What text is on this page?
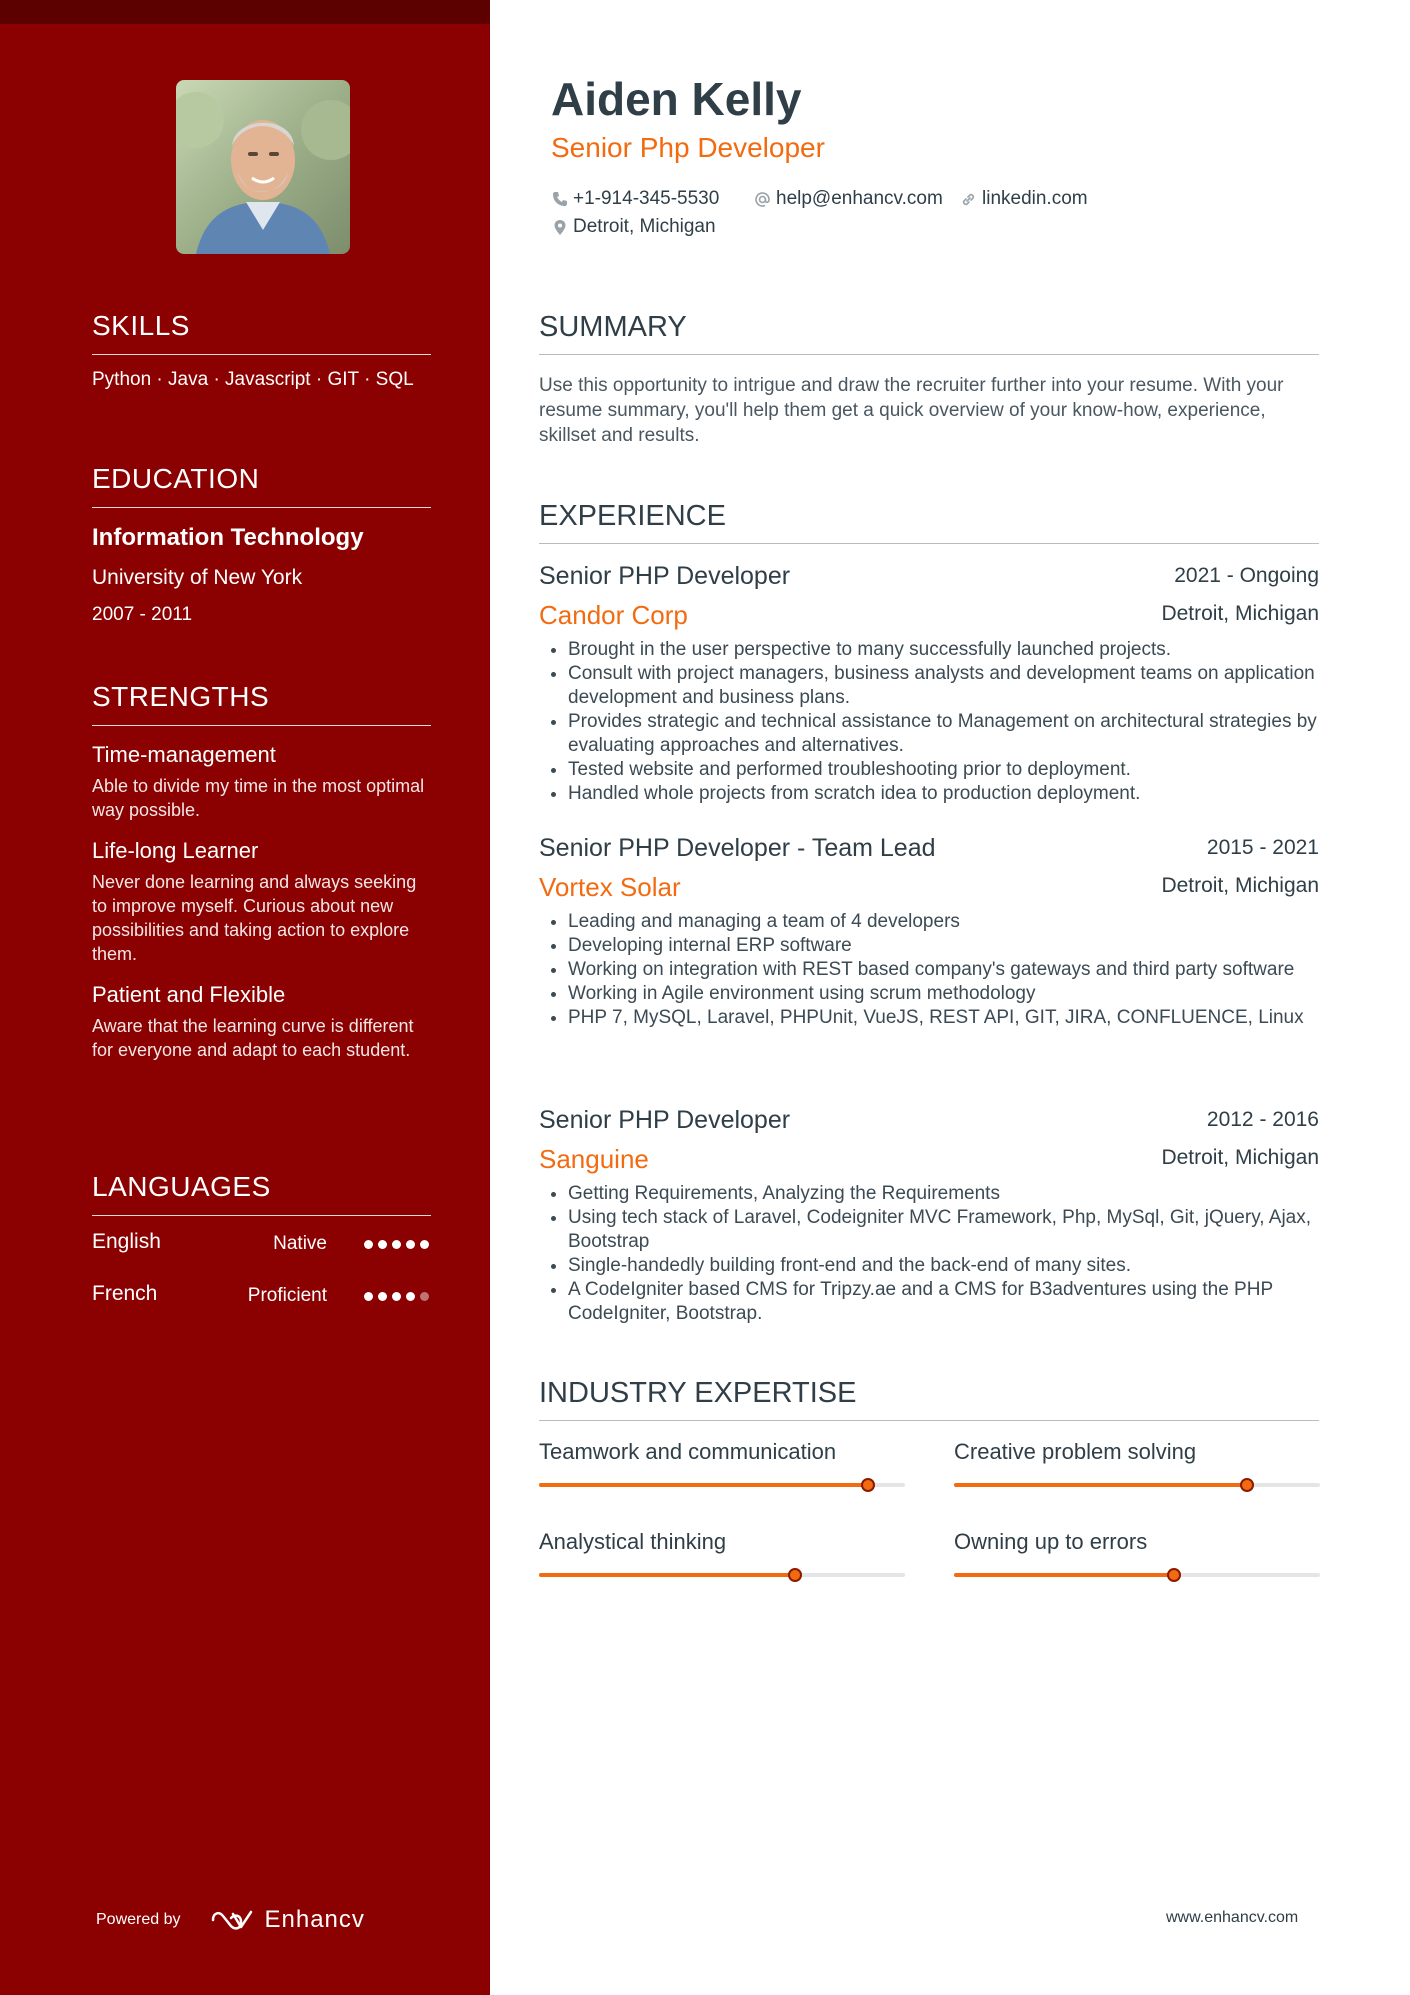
SKILLS
Python · Java · Javascript · GIT · SQL
EDUCATION
Information Technology
University of New York
2007 - 2011
STRENGTHS
Time-management
Able to divide my time in the most optimal way possible.
Life-long Learner
Never done learning and always seeking to improve myself. Curious about new possibilities and taking action to explore them.
Patient and Flexible
Aware that the learning curve is different for everyone and adapt to each student.
LANGUAGES
English	Native
French	Proficient
Powered by	Enhancv
Aiden Kelly
Senior Php Developer
+1-914-345-5530	help@enhancv.com linkedin.com
Detroit, Michigan
SUMMARY
Use this opportunity to intrigue and draw the recruiter further into your resume. With your resume summary, you'll help them get a quick overview of your know-how, experience, skillset and results.
EXPERIENCE
Senior PHP Developer	2021 - Ongoing
Candor Corp	Detroit, Michigan
• Brought in the user perspective to many successfully launched projects.
• Consult with project managers, business analysts and development teams on application development and business plans.
• Provides strategic and technical assistance to Management on architectural strategies by evaluating approaches and alternatives.
• Tested website and performed troubleshooting prior to deployment.
• Handled whole projects from scratch idea to production deployment.
Senior PHP Developer - Team Lead	2015 - 2021
Vortex Solar	Detroit, Michigan
• Leading and managing a team of 4 developers
• Developing internal ERP software
• Working on integration with REST based company's gateways and third party software
• Working in Agile environment using scrum methodology
• PHP 7, MySQL, Laravel, PHPUnit, VueJS, REST API, GIT, JIRA, CONFLUENCE, Linux
Senior PHP Developer	2012 - 2016
Sanguine	Detroit, Michigan
• Getting Requirements, Analyzing the Requirements
• Using tech stack of Laravel, Codeigniter MVC Framework, Php, MySql, Git, jQuery, Ajax, Bootstrap
• Single-handedly building front-end and the back-end of many sites.
• A CodeIgniter based CMS for Tripzy.ae and a CMS for B3adventures using the PHP CodeIgniter, Bootstrap.
INDUSTRY EXPERTISE
Teamwork and communication	Creative problem solving
Analystical thinking	Owning up to errors
www.enhancv.com
